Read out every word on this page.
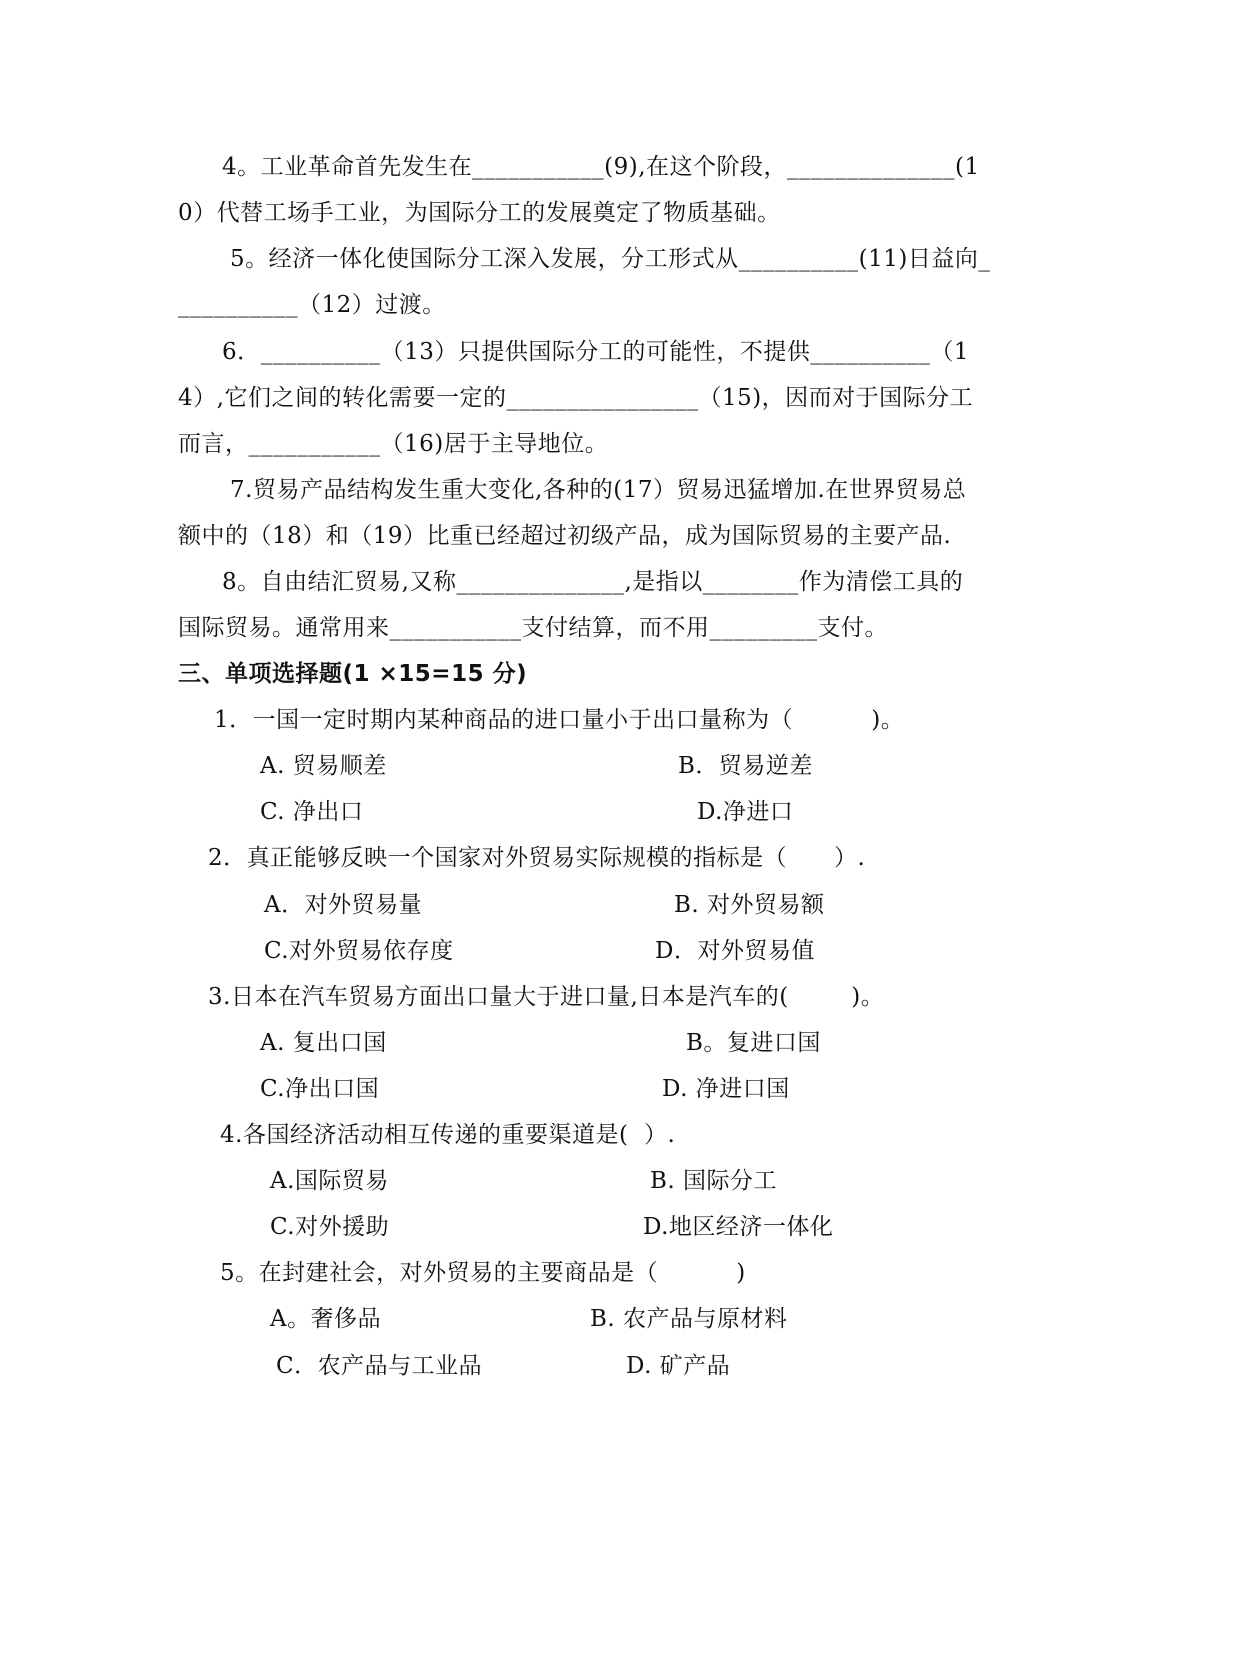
4。工业革命首先发生在___________(9),在这个阶段，______________(1
0）代替工场手工业，为国际分工的发展奠定了物质基础。
5。经济一体化使国际分工深入发展，分工形式从__________(11)日益向_
__________（12）过渡。
6．__________（13）只提供国际分工的可能性，不提供__________（1
4）,它们之间的转化需要一定的________________（15)，因而对于国际分工
而言，___________（16)居于主导地位。
7.贸易产品结构发生重大变化,各种的(17）贸易迅猛增加.在世界贸易总
额中的（18）和（19）比重已经超过初级产品，成为国际贸易的主要产品.
8。自由结汇贸易,又称______________,是指以________作为清偿工具的
国际贸易。通常用来___________支付结算，而不用_________支付。
三、单项选择题(1 ×15=15 分)
1．一国一定时期内某种商品的进口量小于出口量称为（          )。
A. 贸易顺差	B．贸易逆差
C. 净出口	D.净进口
2．真正能够反映一个国家对外贸易实际规模的指标是（      ）.
A．对外贸易量	B. 对外贸易额
C.对外贸易依存度	D．对外贸易值
3.日本在汽车贸易方面出口量大于进口量,日本是汽车的(        )。
A. 复出口国	B。复进口国
C.净出口国	D. 净进口国
4.各国经济活动相互传递的重要渠道是(  ）.
A.国际贸易	B. 国际分工
C.对外援助	D.地区经济一体化
5。在封建社会，对外贸易的主要商品是（          )
A。奢侈品	B. 农产品与原材料
C．农产品与工业品	D. 矿产品
